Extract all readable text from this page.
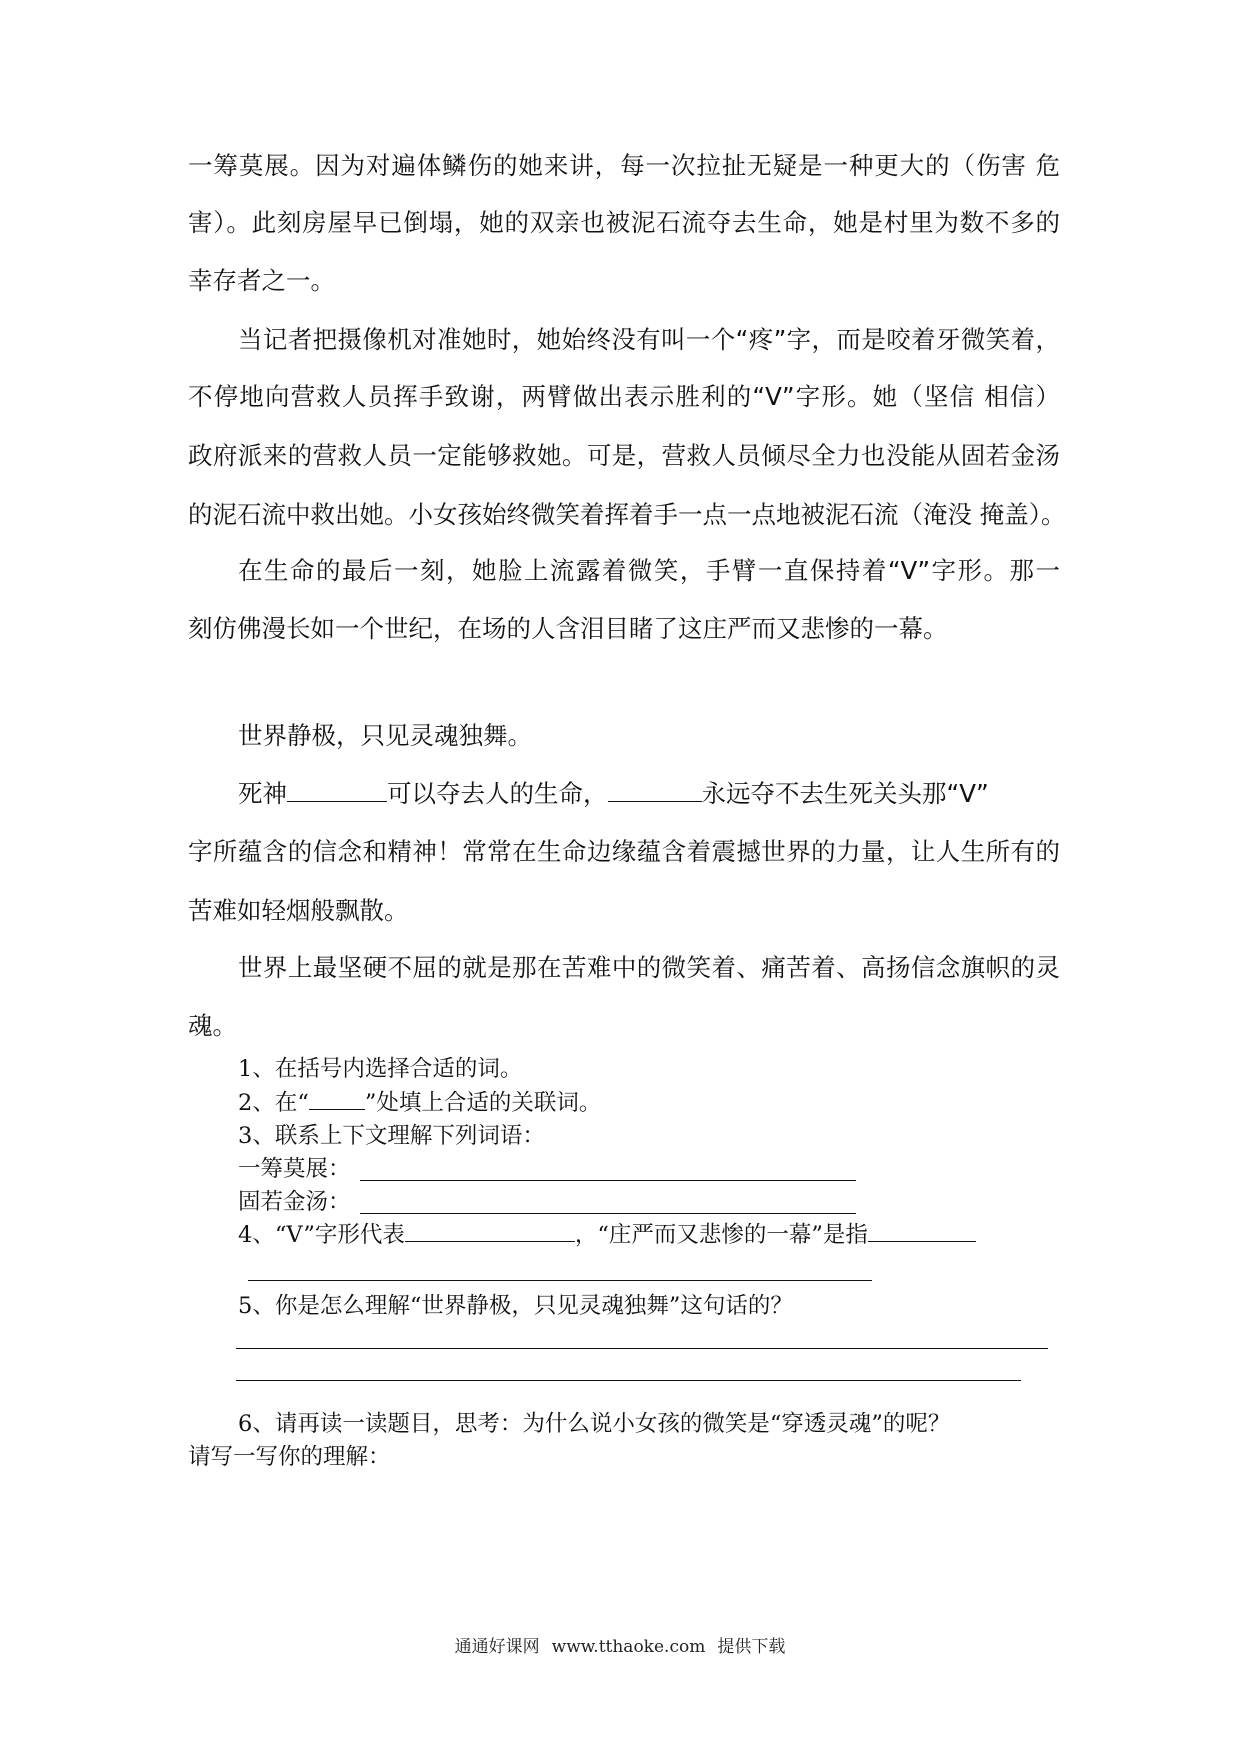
一筹莫展。因为对遍体鳞伤的她来讲，每一次拉扯无疑是一种更大的（伤害 危
害）。此刻房屋早已倒塌，她的双亲也被泥石流夺去生命，她是村里为数不多的
幸存者之一。
当记者把摄像机对准她时，她始终没有叫一个“疼”字，而是咬着牙微笑着，
不停地向营救人员挥手致谢，两臂做出表示胜利的“V”字形。她（坚信 相信）
政府派来的营救人员一定能够救她。可是，营救人员倾尽全力也没能从固若金汤
的泥石流中救出她。小女孩始终微笑着挥着手一点一点地被泥石流（淹没 掩盖）。
在生命的最后一刻，她脸上流露着微笑，手臂一直保持着“V”字形。那一
刻仿佛漫长如一个世纪，在场的人含泪目睹了这庄严而又悲惨的一幕。
世界静极，只见灵魂独舞。
死神	可以夺去人的生命，	永远夺不去生死关头那“V”
字所蕴含的信念和精神！常常在生命边缘蕴含着震撼世界的力量，让人生所有的
苦难如轻烟般飘散。
世界上最坚硬不屈的就是那在苦难中的微笑着、痛苦着、高扬信念旗帜的灵
魂。
1、在括号内选择合适的词。
2、在“ ”处填上合适的关联词。
3、联系上下文理解下列词语：
一筹莫展：
固若金汤：
4、“V”字形代表	，“庄严而又悲惨的一幕”是指
5、你是怎么理解“世界静极，只见灵魂独舞”这句话的？
6、请再读一读题目，思考：为什么说小女孩的微笑是“穿透灵魂”的呢？
请写一写你的理解：
通通好课网 www.tthaoke.com 提供下载
